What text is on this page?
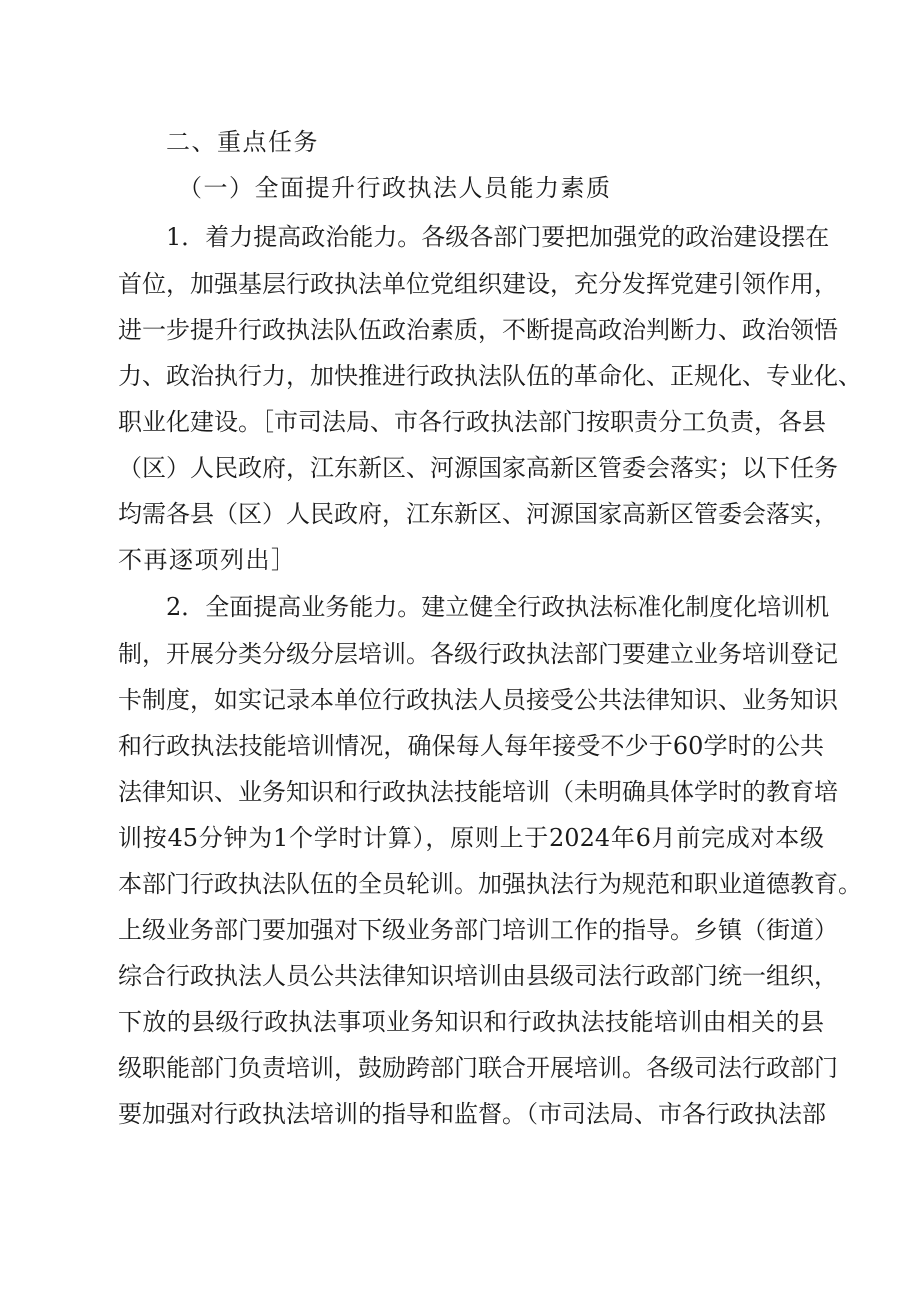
二、重点任务
（一）全面提升行政执法人员能力素质
1．着力提高政治能力。各级各部门要把加强党的政治建设摆在
首位，加强基层行政执法单位党组织建设，充分发挥党建引领作用，
进一步提升行政执法队伍政治素质，不断提高政治判断力、政治领悟
力、政治执行力，加快推进行政执法队伍的革命化、正规化、专业化、
职业化建设。［市司法局、市各行政执法部门按职责分工负责，各县
（区）人民政府，江东新区、河源国家高新区管委会落实；以下任务
均需各县（区）人民政府，江东新区、河源国家高新区管委会落实，
不再逐项列出］
2．全面提高业务能力。建立健全行政执法标准化制度化培训机
制，开展分类分级分层培训。各级行政执法部门要建立业务培训登记
卡制度，如实记录本单位行政执法人员接受公共法律知识、业务知识
和行政执法技能培训情况，确保每人每年接受不少于60学时的公共
法律知识、业务知识和行政执法技能培训（未明确具体学时的教育培
训按45分钟为1个学时计算），原则上于2024年6月前完成对本级
本部门行政执法队伍的全员轮训。加强执法行为规范和职业道德教育。
上级业务部门要加强对下级业务部门培训工作的指导。乡镇（街道）
综合行政执法人员公共法律知识培训由县级司法行政部门统一组织，
下放的县级行政执法事项业务知识和行政执法技能培训由相关的县
级职能部门负责培训，鼓励跨部门联合开展培训。各级司法行政部门
要加强对行政执法培训的指导和监督。（市司法局、市各行政执法部
